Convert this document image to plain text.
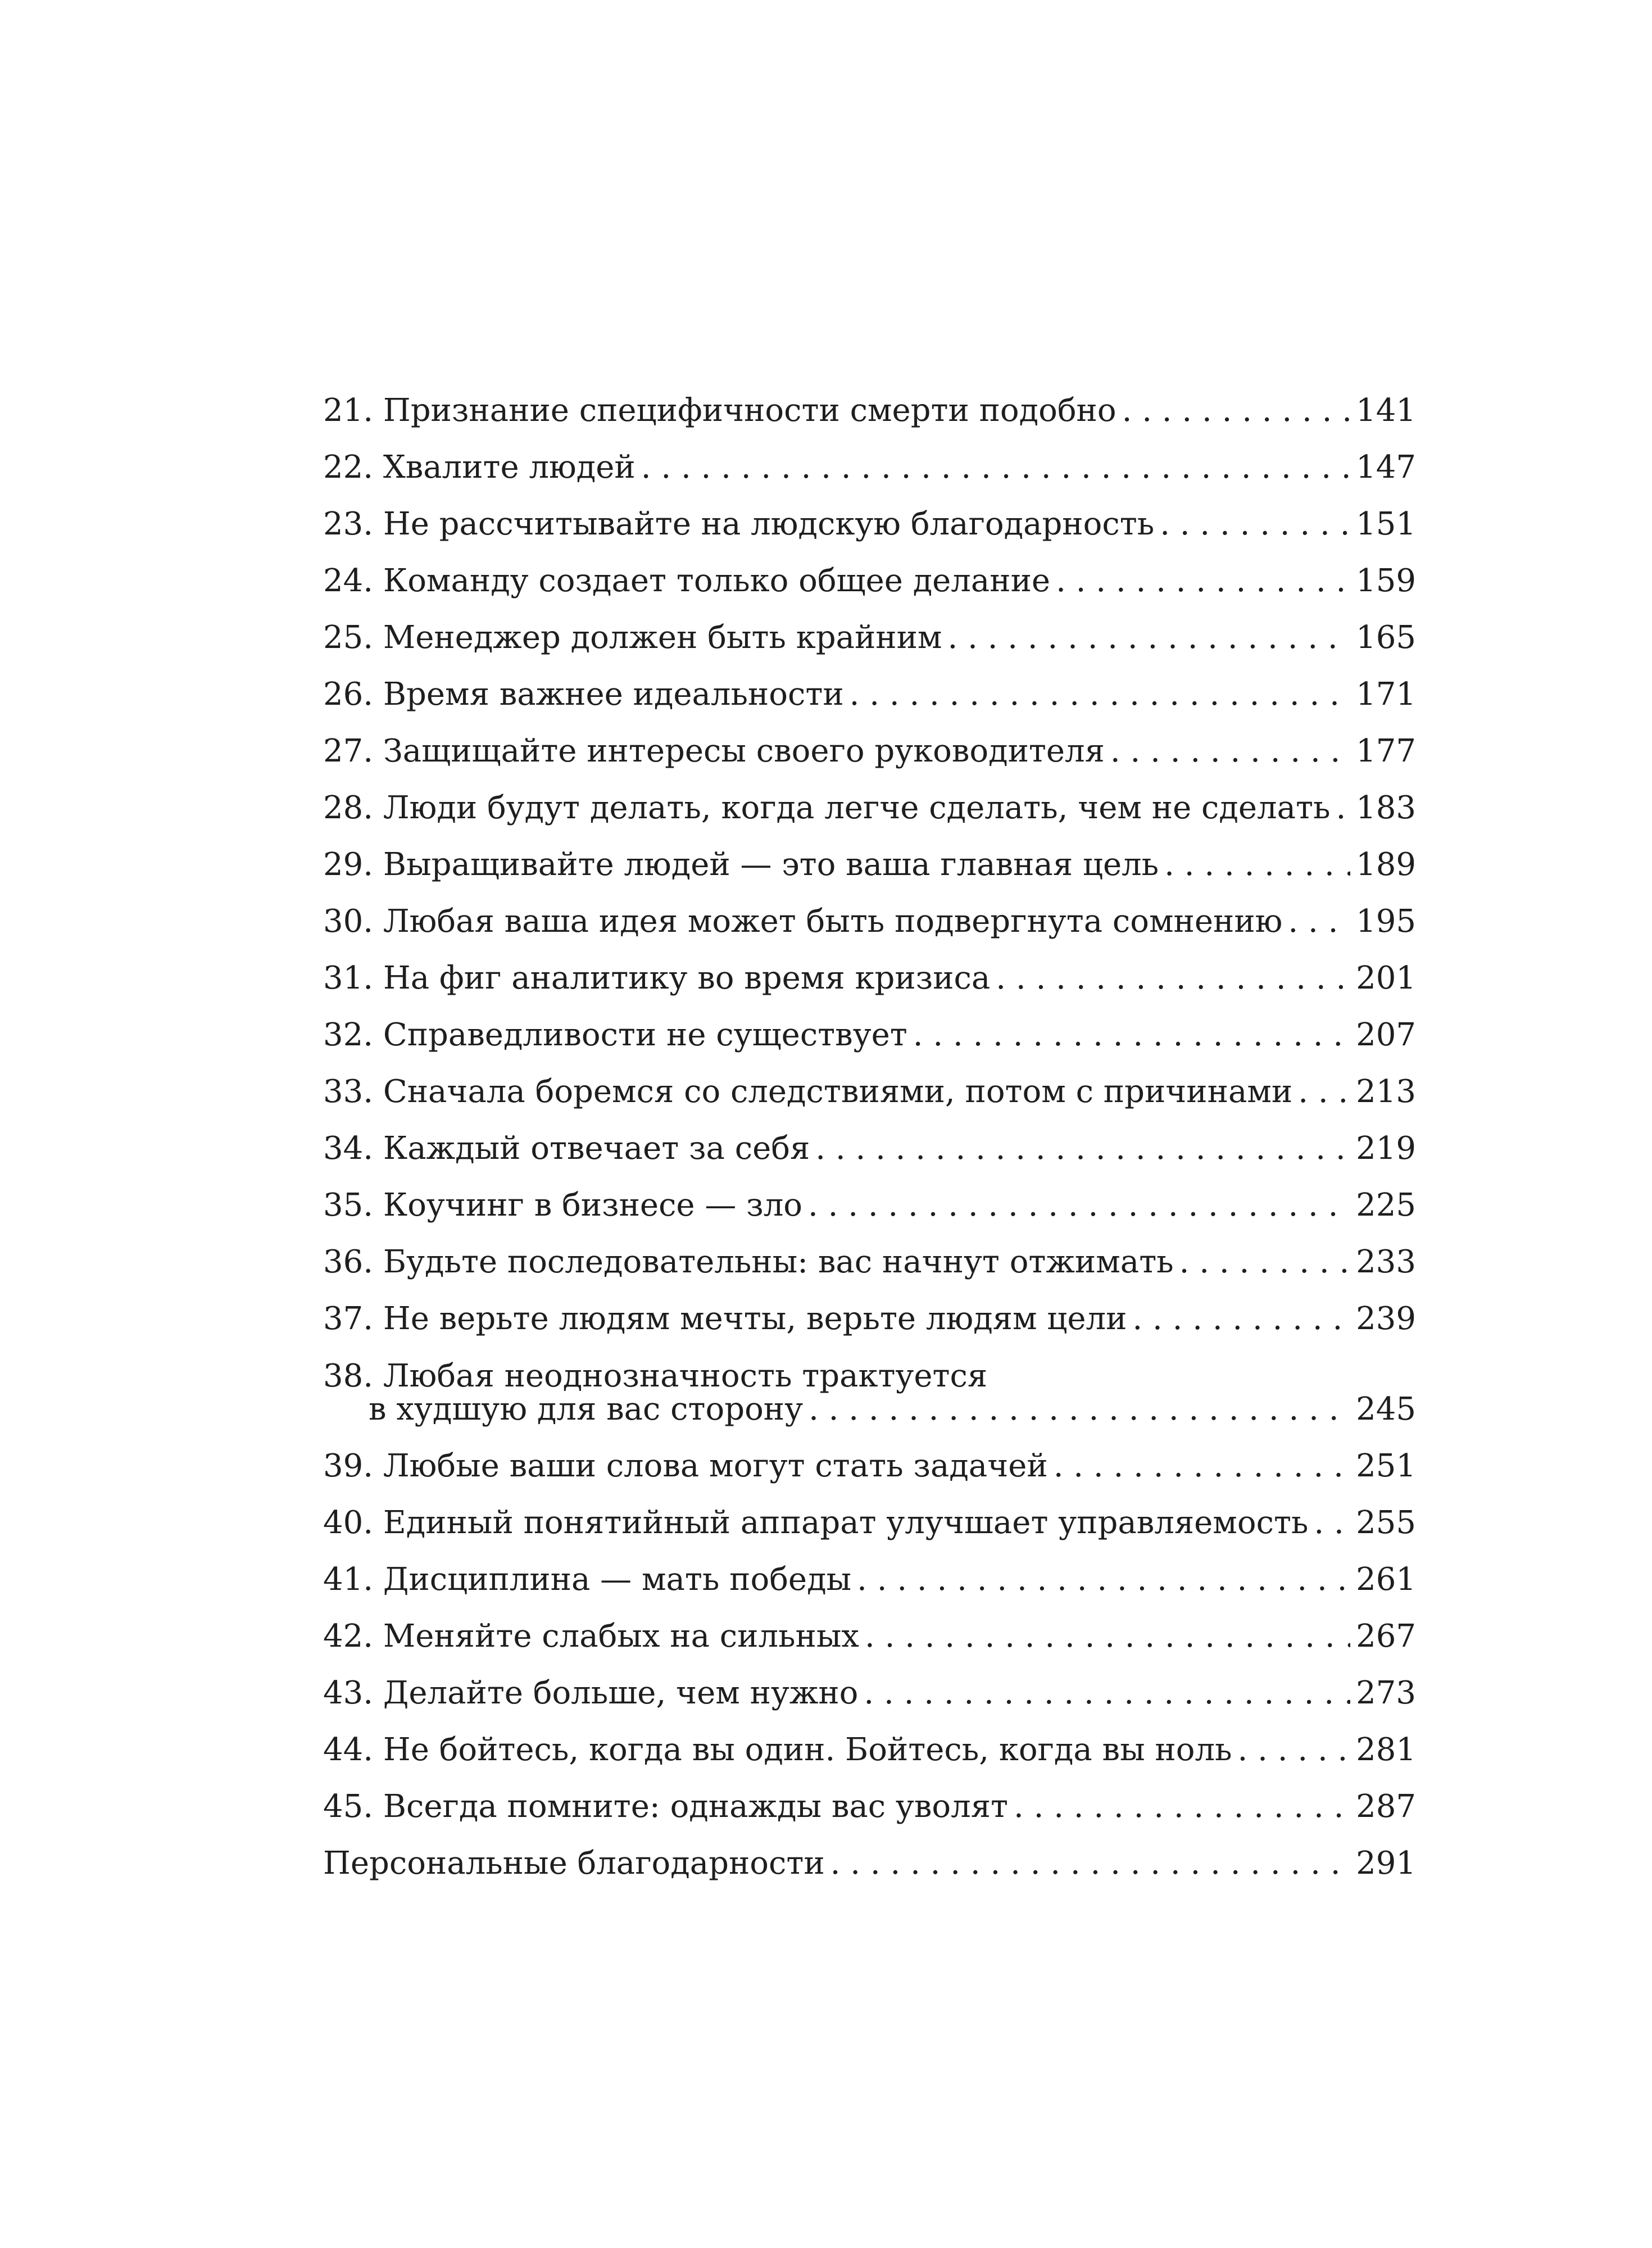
21.
Признание специфичности смерти подобно . . .	141
22.
Хвалите людей . . .	147
23.
Не рассчитывайте на людскую благодарность . . .	151
24.
Команду создает только общее делание . . .	159
25.
Менеджер должен быть крайним . . .	165
26.
Время важнее идеальности . . .	171
27.
Защищайте интересы своего руководителя . . .	177
28.
Люди будут делать, когда легче сделать, чем не сделать . . . 183
29.
Выращивайте людей — это ваша главная цель . . .	189
30.
Любая ваша идея может быть подвергнута сомнению . . . 195
31.
На фиг аналитику во время кризиса . . .	201
32.
Справедливости не существует . . .	207
33.
Сначала боремся со следствиями, потом с причинами . . . 213
34.
Каждый отвечает за себя . . .	219
35.
Коучинг в бизнесе — зло . . .	225
36.
Будьте последовательны: вас начнут отжимать . . .	233
37.
Не верьте людям мечты, верьте людям цели . . .	239
38. Любая неоднозначность трактуется
в худшую для вас сторону . . .	245
39.
Любые ваши слова могут стать задачей . . .	251
40.
Единый понятийный аппарат улучшает управляемость . . . 255
41.
Дисциплина — мать победы . . .	261
42.
Меняйте слабых на сильных . . .	267
43.
Делайте больше, чем нужно . . .	273
44.
Не бойтесь, когда вы один. Бойтесь, когда вы ноль . . .	281
45.
Всегда помните: однажды вас уволят . . .	287
Персональные благодарности . . .	291
